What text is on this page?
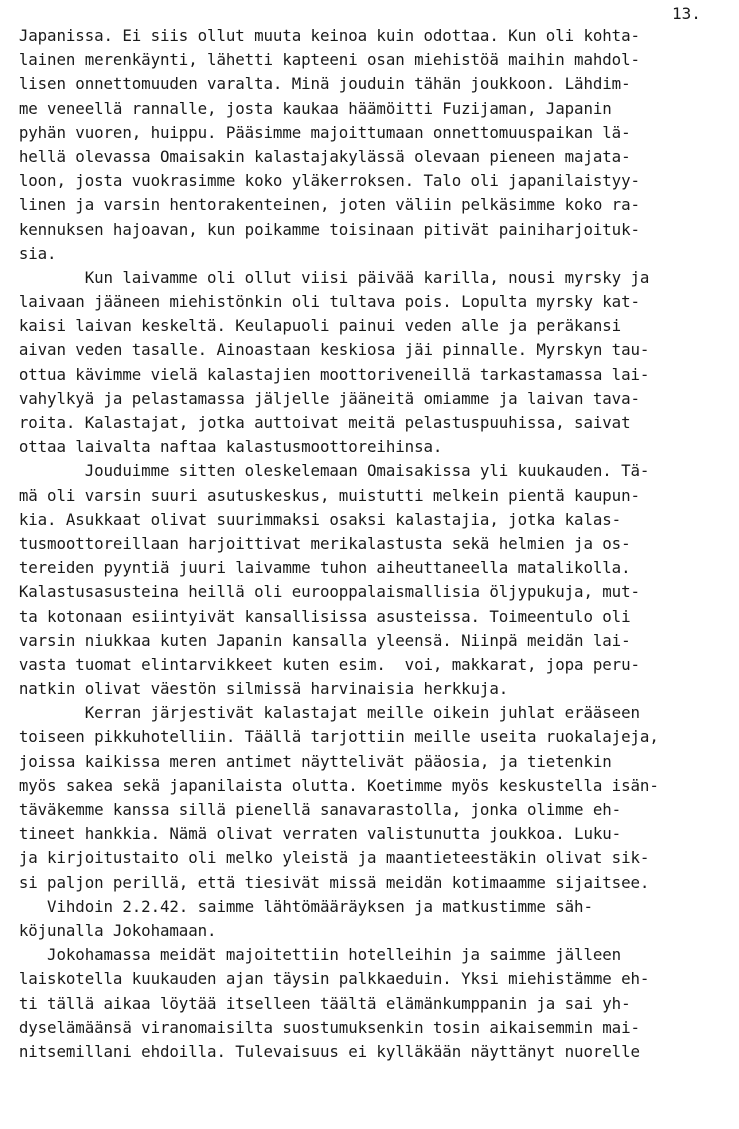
13.
Japanissa. Ei siis ollut muuta keinoa kuin odottaa. Kun oli kohta-
lainen merenkäynti, lähetti kapteeni osan miehistöä maihin mahdol-
lisen onnettomuuden varalta. Minä jouduin tähän joukkoon. Lähdim-
me veneellä rannalle, josta kaukaa häämöitti Fuzijaman, Japanin
pyhän vuoren, huippu. Pääsimme majoittumaan onnettomuuspaikan lä-
hellä olevassa Omaisakin kalastajakylässä olevaan pieneen majata-
loon, josta vuokrasimme koko yläkerroksen. Talo oli japanilaistyy-
linen ja varsin hentorakenteinen, joten väliin pelkäsimme koko ra-
kennuksen hajoavan, kun poikamme toisinaan pitivät painiharjoituk-
sia.
Kun laivamme oli ollut viisi päivää karilla, nousi myrsky ja
laivaan jääneen miehistönkin oli tultava pois. Lopulta myrsky kat-
kaisi laivan keskeltä. Keulapuoli painui veden alle ja peräkansi
aivan veden tasalle. Ainoastaan keskiosa jäi pinnalle. Myrskyn tau-
ottua kävimme vielä kalastajien moottoriveneillä tarkastamassa lai-
vahylkyä ja pelastamassa jäljelle jääneitä omiamme ja laivan tava-
roita. Kalastajat, jotka auttoivat meitä pelastuspuuhissa, saivat
ottaa laivalta naftaa kalastusmoottoreihinsa.
Jouduimme sitten oleskelemaan Omaisakissa yli kuukauden. Tä-
mä oli varsin suuri asutuskeskus, muistutti melkein pientä kaupun-
kia. Asukkaat olivat suurimmaksi osaksi kalastajia, jotka kalas-
tusmoottoreillaan harjoittivat merikalastusta sekä helmien ja os-
tereiden pyyntiä juuri laivamme tuhon aiheuttaneella matalikolla.
Kalastusasusteina heillä oli eurooppalaismallisia öljypukuja, mut-
ta kotonaan esiintyivät kansallisissa asusteissa. Toimeentulo oli
varsin niukkaa kuten Japanin kansalla yleensä. Niinpä meidän lai-
vasta tuomat elintarvikkeet kuten esim.  voi, makkarat, jopa peru-
natkin olivat väestön silmissä harvinaisia herkkuja.
Kerran järjestivät kalastajat meille oikein juhlat erääseen
toiseen pikkuhotelliin. Täällä tarjottiin meille useita ruokalajeja,
joissa kaikissa meren antimet näyttelivät pääosia, ja tietenkin
myös sakea sekä japanilaista olutta. Koetimme myös keskustella isän-
täväkemme kanssa sillä pienellä sanavarastolla, jonka olimme eh-
tineet hankkia. Nämä olivat verraten valistunutta joukkoa. Luku-
ja kirjoitustaito oli melko yleistä ja maantieteestäkin olivat sik-
si paljon perillä, että tiesivät missä meidän kotimaamme sijaitsee.
Vihdoin 2.2.42. saimme lähtömääräyksen ja matkustimme säh-
köjunalla Jokohamaan.
Jokohamassa meidät majoitettiin hotelleihin ja saimme jälleen
laiskotella kuukauden ajan täysin palkkaeduin. Yksi miehistämme eh-
ti tällä aikaa löytää itselleen täältä elämänkumppanin ja sai yh-
dyselämäänsä viranomaisilta suostumuksenkin tosin aikaisemmin mai-
nitsemillani ehdoilla. Tulevaisuus ei kylläkään näyttänyt nuorelle
